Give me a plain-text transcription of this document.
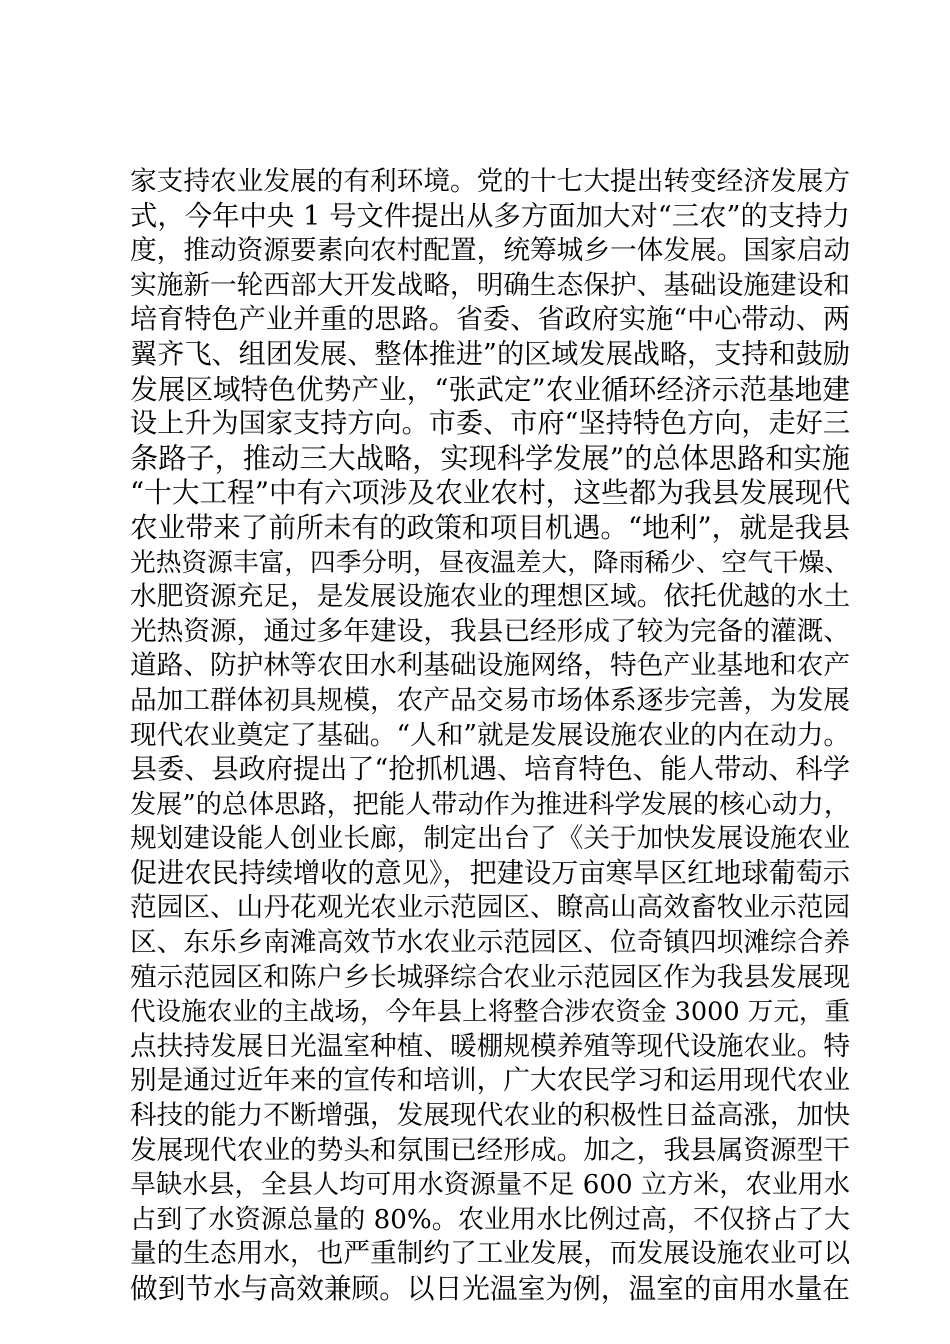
家支持农业发展的有利环境。党的十七大提出转变经济发展方
式，今年中央 1 号文件提出从多方面加大对“三农”的支持力
度，推动资源要素向农村配置，统筹城乡一体发展。国家启动
实施新一轮西部大开发战略，明确生态保护、基础设施建设和
培育特色产业并重的思路。省委、省政府实施“中心带动、两
翼齐飞、组团发展、整体推进”的区域发展战略，支持和鼓励
发展区域特色优势产业，“张武定”农业循环经济示范基地建
设上升为国家支持方向。市委、市府“坚持特色方向，走好三
条路子，推动三大战略，实现科学发展”的总体思路和实施
“十大工程”中有六项涉及农业农村，这些都为我县发展现代
农业带来了前所未有的政策和项目机遇。“地利”，就是我县
光热资源丰富，四季分明，昼夜温差大，降雨稀少、空气干燥、
水肥资源充足，是发展设施农业的理想区域。依托优越的水土
光热资源，通过多年建设，我县已经形成了较为完备的灌溉、
道路、防护林等农田水利基础设施网络，特色产业基地和农产
品加工群体初具规模，农产品交易市场体系逐步完善，为发展
现代农业奠定了基础。“人和”就是发展设施农业的内在动力。
县委、县政府提出了“抢抓机遇、培育特色、能人带动、科学
发展”的总体思路，把能人带动作为推进科学发展的核心动力，
规划建设能人创业长廊，制定出台了《关于加快发展设施农业
促进农民持续增收的意见》，把建设万亩寒旱区红地球葡萄示
范园区、山丹花观光农业示范园区、瞭高山高效畜牧业示范园
区、东乐乡南滩高效节水农业示范园区、位奇镇四坝滩综合养
殖示范园区和陈户乡长城驿综合农业示范园区作为我县发展现
代设施农业的主战场，今年县上将整合涉农资金 3000 万元，重
点扶持发展日光温室种植、暖棚规模养殖等现代设施农业。特
别是通过近年来的宣传和培训，广大农民学习和运用现代农业
科技的能力不断增强，发展现代农业的积极性日益高涨，加快
发展现代农业的势头和氛围已经形成。加之，我县属资源型干
旱缺水县，全县人均可用水资源量不足 600 立方米，农业用水
占到了水资源总量的 80%。农业用水比例过高，不仅挤占了大
量的生态用水，也严重制约了工业发展，而发展设施农业可以
做到节水与高效兼顾。以日光温室为例，温室的亩用水量在
